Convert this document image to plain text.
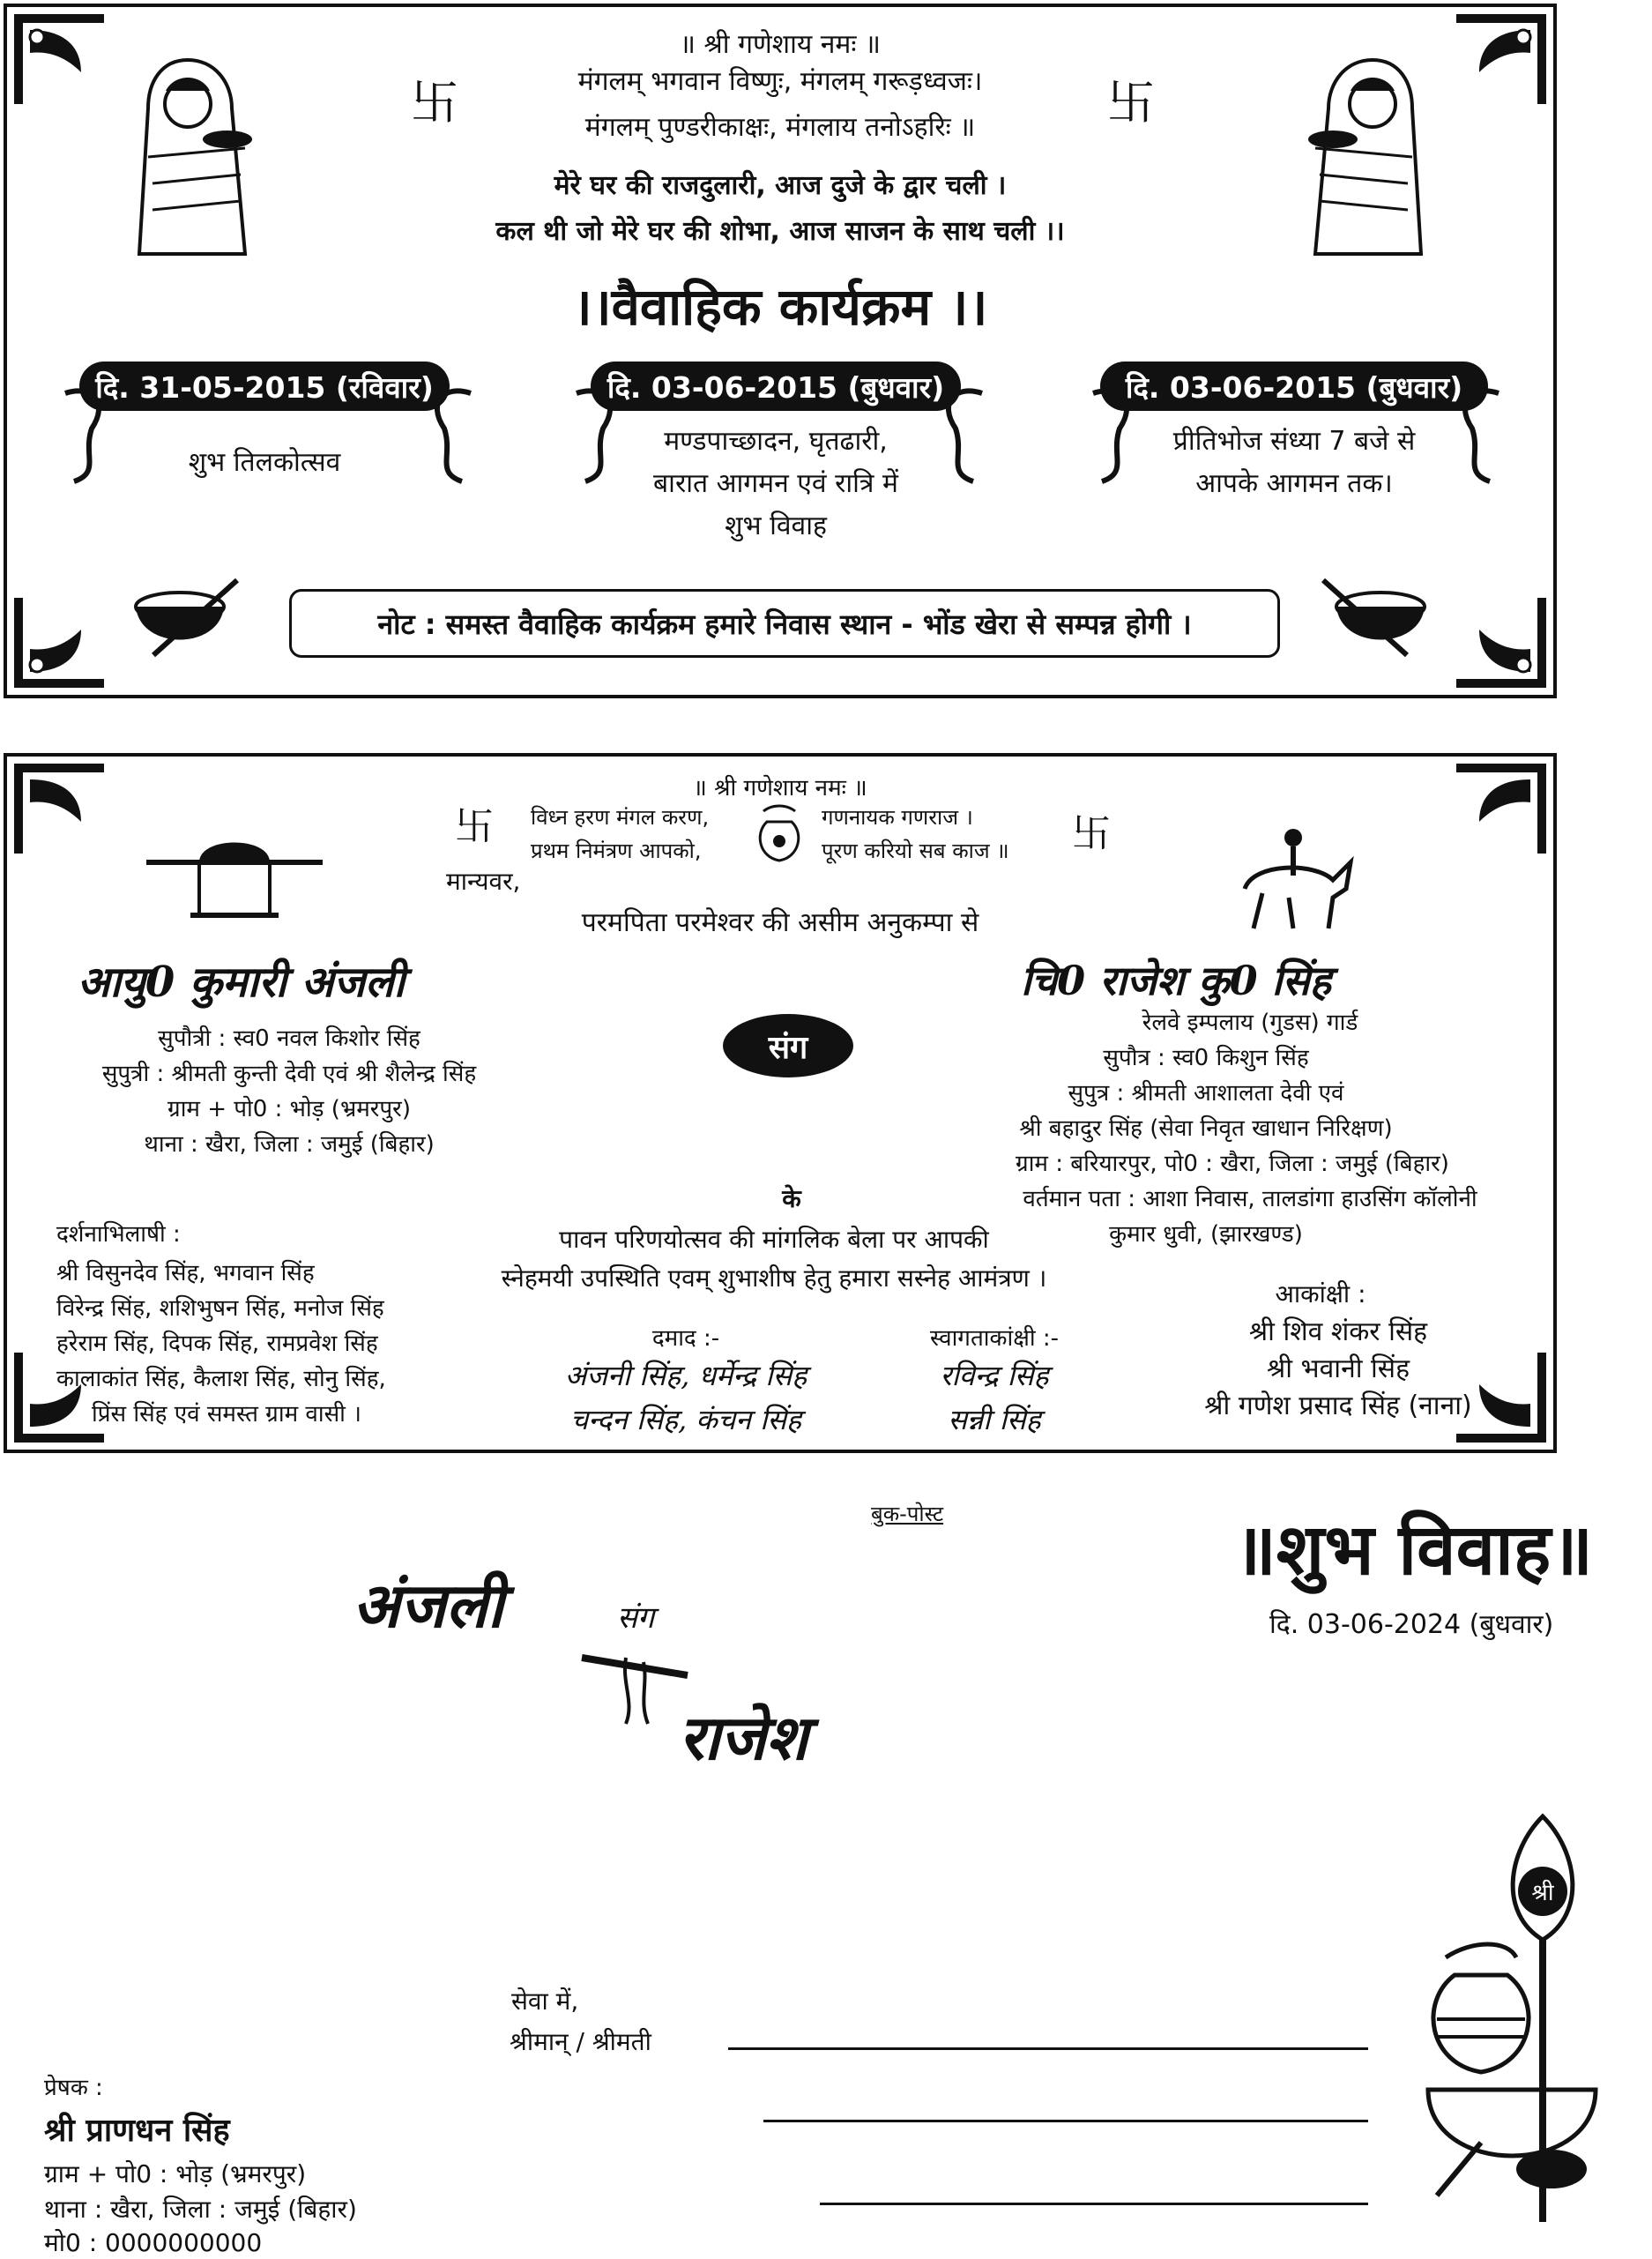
卐	卐
॥ श्री गणेशाय नमः ॥
मंगलम् भगवान विष्णुः, मंगलम् गरूड़ध्वजः।
मंगलम् पुण्डरीकाक्षः, मंगलाय तनोऽहरिः ॥
मेरे घर की राजदुलारी, आज दुजे के द्वार चली ।
कल थी जो मेरे घर की शोभा, आज साजन के साथ चली ।।
।।वैवाहिक कार्यक्रम ।।
दि. 31-05-2015 (रविवार)	दि. 03-06-2015 (बुधवार)	दि. 03-06-2015 (बुधवार)
शुभ तिलकोत्सव
मण्डपाच्छादन, घृतढारी,
बारात आगमन एवं रात्रि में
शुभ विवाह
प्रीतिभोज संध्या 7 बजे से
आपके आगमन तक।
नोट : समस्त वैवाहिक कार्यक्रम हमारे निवास स्थान - भोंड खेरा से सम्पन्न होगी ।
卐	卐
॥ श्री गणेशाय नमः ॥
विध्न हरण मंगल करण,	गणनायक गणराज ।
प्रथम निमंत्रण आपको,	पूरण करियो सब काज ॥
मान्यवर,
परमपिता परमेश्वर की असीम अनुकम्पा से
आयु0 कुमारी अंजली
सुपौत्री : स्व0 नवल किशोर सिंह
सुपुत्री : श्रीमती कुन्ती देवी एवं श्री शैलेन्द्र सिंह
ग्राम + पो0 : भोड़ (भ्रमरपुर)
थाना : खैरा, जिला : जमुई (बिहार)
संग
चि0 राजेश कु0 सिंह
रेलवे इम्पलाय (गुडस) गार्ड
सुपौत्र : स्व0 किशुन सिंह
सुपुत्र : श्रीमती आशालता देवी एवं
श्री बहादुर सिंह (सेवा निवृत खाधान निरिक्षण)
ग्राम : बरियारपुर, पो0 : खैरा, जिला : जमुई (बिहार)
वर्तमान पता : आशा निवास, तालडांगा हाउसिंग कॉलोनी
कुमार धुवी, (झारखण्ड)
के
पावन परिणयोत्सव की मांगलिक बेला पर आपकी
स्नेहमयी उपस्थिति एवम् शुभाशीष हेतु हमारा सस्नेह आमंत्रण ।
दर्शनाभिलाषी :
श्री विसुनदेव सिंह, भगवान सिंह
विरेन्द्र सिंह, शशिभुषन सिंह, मनोज सिंह
हरेराम सिंह, दिपक सिंह, रामप्रवेश सिंह
कालाकांत सिंह, कैलाश सिंह, सोनु सिंह,
प्रिंस सिंह एवं समस्त ग्राम वासी ।
दमाद :-
अंजनी सिंह, धर्मेन्द्र सिंह
चन्दन सिंह, कंचन सिंह
स्वागताकांक्षी :-
रविन्द्र सिंह
सन्नी सिंह
आकांक्षी :
श्री शिव शंकर सिंह
श्री भवानी सिंह
श्री गणेश प्रसाद सिंह (नाना)
बुक-पोस्ट	॥शुभ विवाह॥
दि. 03-06-2024 (बुधवार)
अंजली	संग
राजेश
श्री
सेवा में,
श्रीमान् / श्रीमती
प्रेषक :
श्री प्राणधन सिंह
ग्राम + पो0 : भोड़ (भ्रमरपुर)
थाना : खैरा, जिला : जमुई (बिहार)
मो0 : 0000000000
